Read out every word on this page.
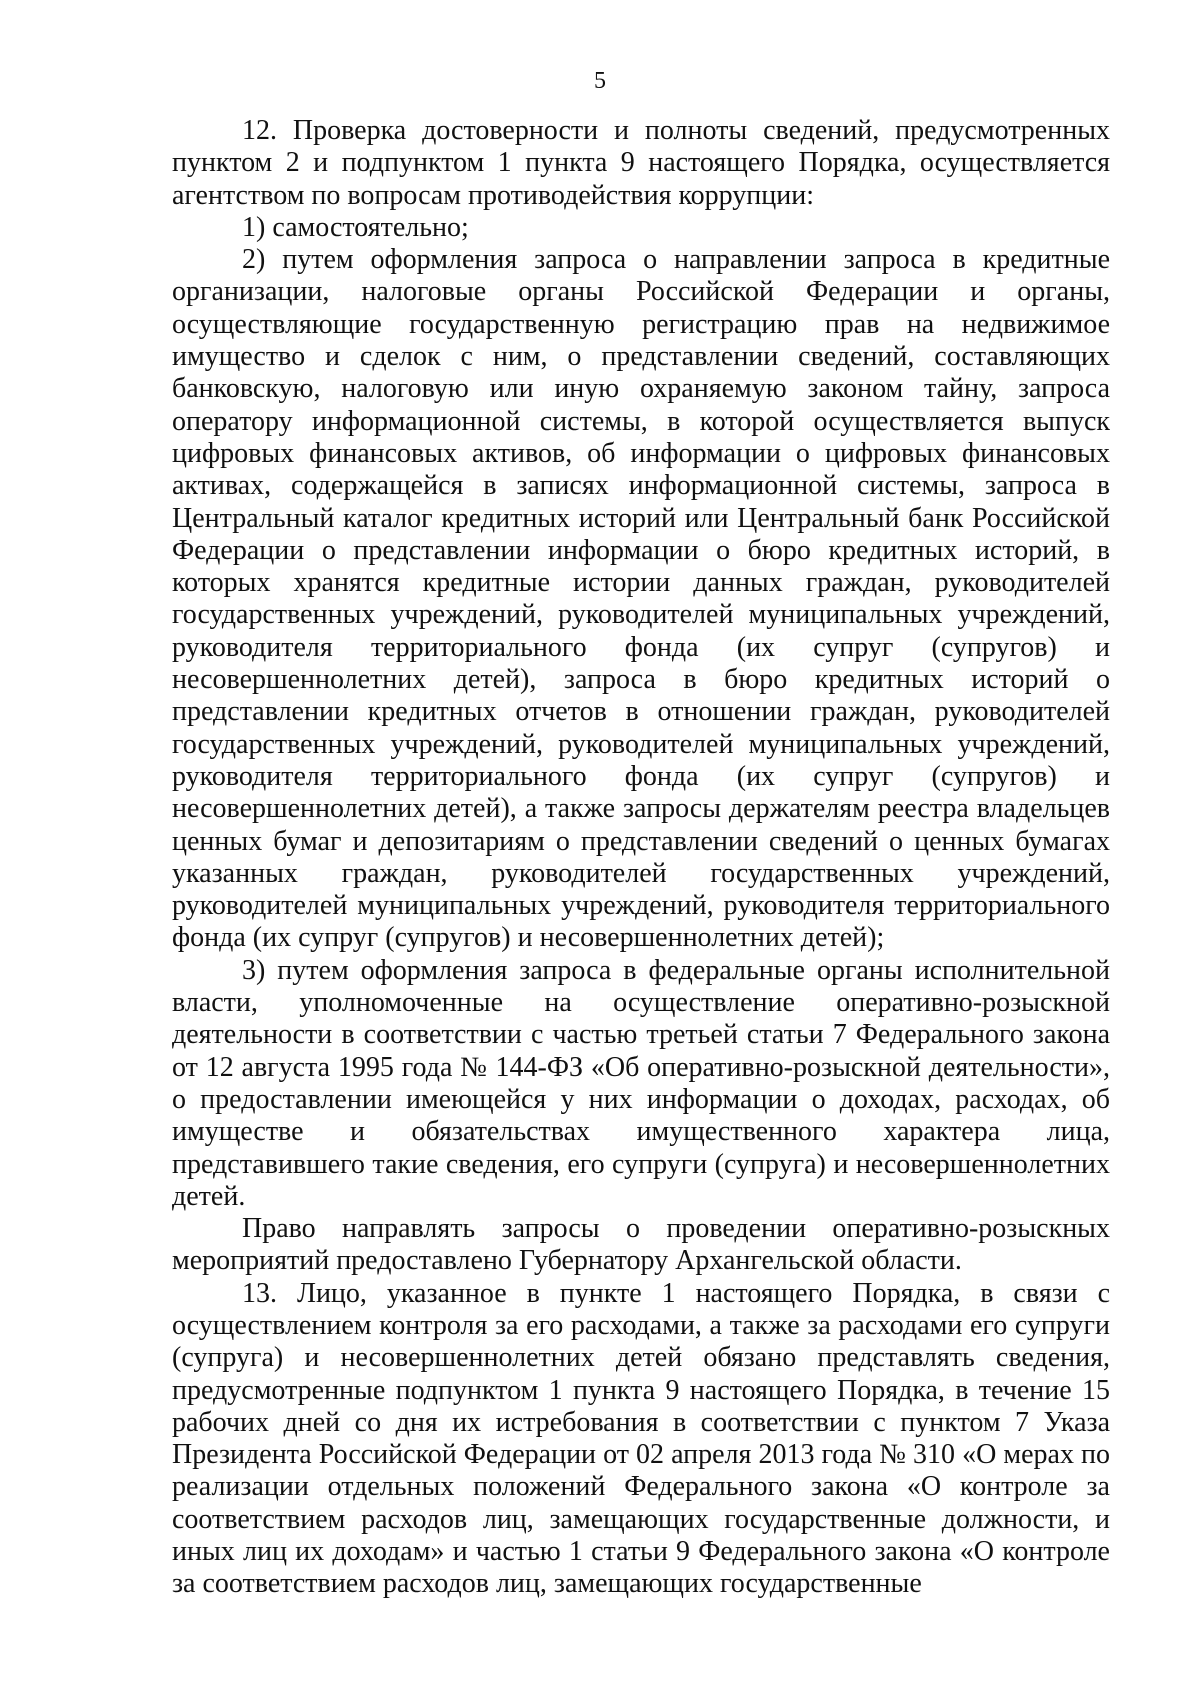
5

12. Проверка достоверности и полноты сведений, предусмотренных пунктом 2 и подпунктом 1 пункта 9 настоящего Порядка, осуществляется агентством по вопросам противодействия коррупции:

1) самостоятельно;

2) путем оформления запроса о направлении запроса в кредитные организации, налоговые органы Российской Федерации и органы, осуществляющие государственную регистрацию прав на недвижимое имущество и сделок с ним, о представлении сведений, составляющих банковскую, налоговую или иную охраняемую законом тайну, запроса оператору информационной системы, в которой осуществляется выпуск цифровых финансовых активов, об информации о цифровых финансовых активах, содержащейся в записях информационной системы, запроса в Центральный каталог кредитных историй или Центральный банк Российской Федерации о представлении информации о бюро кредитных историй, в которых хранятся кредитные истории данных граждан, руководителей государственных учреждений, руководителей муниципальных учреждений, руководителя территориального фонда (их супруг (супругов) и несовершеннолетних детей), запроса в бюро кредитных историй о представлении кредитных отчетов в отношении граждан, руководителей государственных учреждений, руководителей муниципальных учреждений, руководителя территориального фонда (их супруг (супругов) и несовершеннолетних детей), а также запросы держателям реестра владельцев ценных бумаг и депозитариям о представлении сведений о ценных бумагах указанных граждан, руководителей государственных учреждений, руководителей муниципальных учреждений, руководителя территориального фонда (их супруг (супругов) и несовершеннолетних детей);

3) путем оформления запроса в федеральные органы исполнительной власти, уполномоченные на осуществление оперативно-розыскной деятельности в соответствии с частью третьей статьи 7 Федерального закона от 12 августа 1995 года № 144-ФЗ «Об оперативно-розыскной деятельности», о предоставлении имеющейся у них информации о доходах, расходах, об имуществе и обязательствах имущественного характера лица, представившего такие сведения, его супруги (супруга) и несовершеннолетних детей.

Право направлять запросы о проведении оперативно-розыскных мероприятий предоставлено Губернатору Архангельской области.

13. Лицо, указанное в пункте 1 настоящего Порядка, в связи с осуществлением контроля за его расходами, а также за расходами его супруги (супруга) и несовершеннолетних детей обязано представлять сведения, предусмотренные подпунктом 1 пункта 9 настоящего Порядка, в течение 15 рабочих дней со дня их истребования в соответствии с пунктом 7 Указа Президента Российской Федерации от 02 апреля 2013 года № 310 «О мерах по реализации отдельных положений Федерального закона «О контроле за соответствием расходов лиц, замещающих государственные должности, и иных лиц их доходам» и частью 1 статьи 9 Федерального закона «О контроле за соответствием расходов лиц, замещающих государственные
